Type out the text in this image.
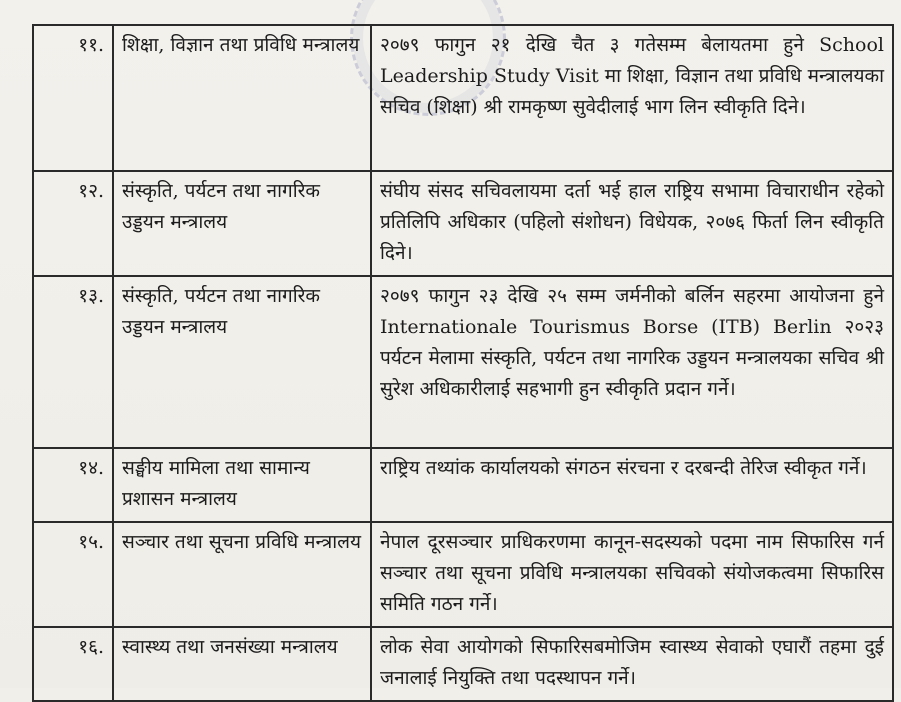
११.	शिक्षा, विज्ञान तथा प्रविधि मन्त्रालय	२०७९ फागुन २१ देखि चैत ३ गतेसम्म बेलायतमा हुने School Leadership Study Visit मा शिक्षा, विज्ञान तथा प्रविधि मन्त्रालयका सचिव (शिक्षा) श्री रामकृष्ण सुवेदीलाई भाग लिन स्वीकृति दिने।
१२.	संस्कृति, पर्यटन तथा नागरिक उड्डयन मन्त्रालय	संघीय संसद सचिवलायमा दर्ता भई हाल राष्ट्रिय सभामा विचाराधीन रहेको प्रतिलिपि अधिकार (पहिलो संशोधन) विधेयक, २०७६ फिर्ता लिन स्वीकृति दिने।
१३.	संस्कृति, पर्यटन तथा नागरिक उड्डयन मन्त्रालय	२०७९ फागुन २३ देखि २५ सम्म जर्मनीको बर्लिन सहरमा आयोजना हुने Internationale Tourismus Borse (ITB) Berlin २०२३ पर्यटन मेलामा संस्कृति, पर्यटन तथा नागरिक उड्डयन मन्त्रालयका सचिव श्री सुरेश अधिकारीलाई सहभागी हुन स्वीकृति प्रदान गर्ने।
१४.	सङ्घीय मामिला तथा सामान्य प्रशासन मन्त्रालय	राष्ट्रिय तथ्यांक कार्यालयको संगठन संरचना र दरबन्दी तेरिज स्वीकृत गर्ने।
१५.	सञ्चार तथा सूचना प्रविधि मन्त्रालय	नेपाल दूरसञ्चार प्राधिकरणमा कानून-सदस्यको पदमा नाम सिफारिस गर्न सञ्चार तथा सूचना प्रविधि मन्त्रालयका सचिवको संयोजकत्वमा सिफारिस समिति गठन गर्ने।
१६.	स्वास्थ्य तथा जनसंख्या मन्त्रालय	लोक सेवा आयोगको सिफारिसबमोजिम स्वास्थ्य सेवाको एघारौं तहमा दुई जनालाई नियुक्ति तथा पदस्थापन गर्ने।
